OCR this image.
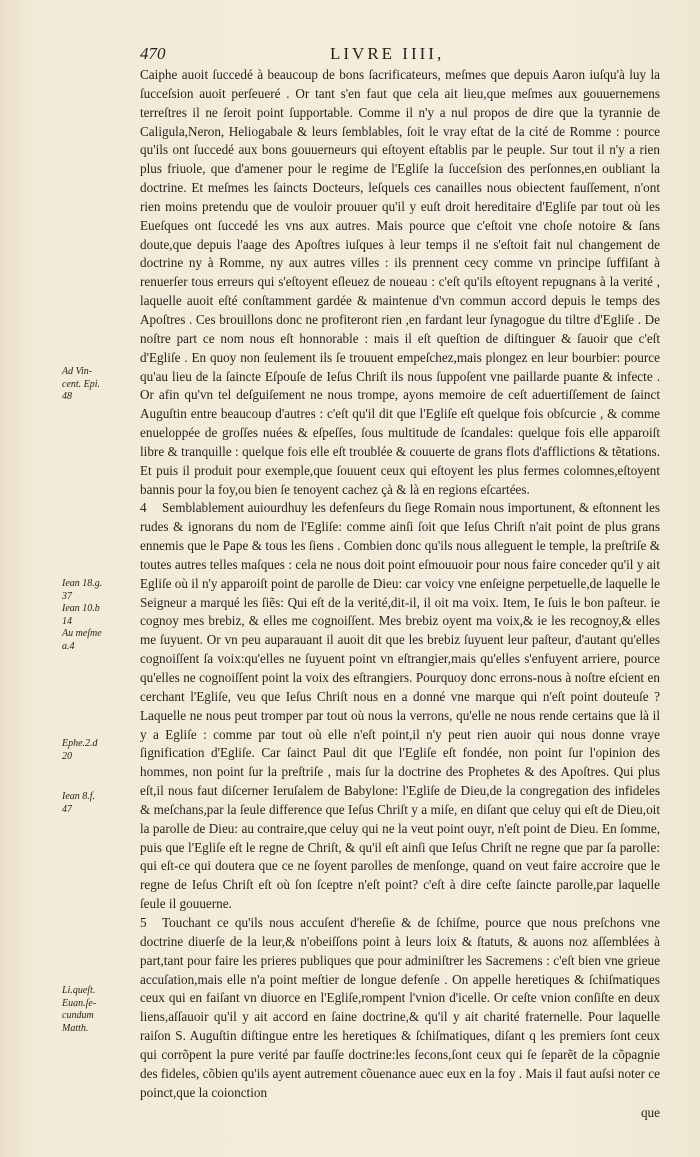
470	LIVRE IIII,

Caiphe auoit ſuccedé à beaucoup de bons ſacrificateurs, meſmes que depuis Aaron iuſqu'à luy la ſucceſsion auoit perſeueré . Or tant s'en faut que cela ait lieu,que meſmes aux gouuernemens terreſtres il ne ſeroit point ſupportable. Comme il n'y a nul propos de dire que la tyrannie de Caligula,Neron, Heliogabale & leurs ſemblables, ſoit le vray eſtat de la cité de Romme : pource qu'ils ont ſuccedé aux bons gouuerneurs qui eſtoyent eſtablis par le peuple. Sur tout il n'y a rien plus friuole, que d'amener pour le regime de l'Egliſe la ſucceſsion des perſonnes,en oubliant la doctrine. Et meſmes les ſaincts Docteurs, leſquels ces canailles nous obiectent fauſſement, n'ont rien moins pretendu que de vouloir prouuer qu'il y euſt droit hereditaire d'Egliſe par tout où les Eueſques ont ſuccedé les vns aux autres. Mais pource que c'eſtoit vne choſe notoire & ſans doute,que depuis l'aage des Apoſtres iuſques à leur temps il ne s'eſtoit fait nul changement de doctrine ny à Romme, ny aux autres villes : ils prennent cecy comme vn principe ſuffiſant à renuerſer tous erreurs qui s'eſtoyent eſleuez de noueau : c'eſt qu'ils eſtoyent repugnans à la verité , laquelle auoit eſté conſtamment gardée & maintenue d'vn commun accord depuis le temps des Apoſtres . Ces brouillons donc ne profiteront rien ,en fardant leur ſynagogue du tiltre d'Egliſe . De noſtre part ce nom nous eſt honnorable : mais il eſt queſtion de diſtinguer & ſauoir que c'eſt d'Egliſe . En quoy non ſeulement ils ſe trouuent empeſchez,mais plongez en leur bourbier: pource qu'au lieu de la ſaincte Eſpouſe de Ieſus Chriſt ils nous ſuppoſent vne paillarde puante & infecte . Or afin qu'vn tel deſguiſement ne nous trompe, ayons memoire de ceſt aduertiſſement de ſainct Auguſtin entre beaucoup d'autres : c'eſt qu'il dit que l'Egliſe eſt quelque fois obſcurcie , & comme enueloppée de groſſes nuées & eſpeſſes, ſous multitude de ſcandales: quelque fois elle apparoiſt libre & tranquille : quelque fois elle eſt troublée & couuerte de grans flots d'afflictions & tẽtations. Et puis il produit pour exemple,que ſouuent ceux qui eſtoyent les plus fermes colomnes,eſtoyent bannis pour la foy,ou bien ſe tenoyent cachez çà & là en regions eſcartées.

4 Semblablement auiourdhuy les defenſeurs du ſiege Romain nous importunent, & eſtonnent les rudes & ignorans du nom de l'Egliſe: comme ainſi ſoit que Ieſus Chriſt n'ait point de plus grans ennemis que le Pape & tous les ſiens . Combien donc qu'ils nous alleguent le temple, la preſtriſe & toutes autres telles maſques : cela ne nous doit point eſmouuoir pour nous faire conceder qu'il y ait Egliſe où il n'y apparoiſt point de parolle de Dieu: car voicy vne enſeigne perpetuelle,de laquelle le Seigneur a marqué les ſiẽs: Qui eſt de la verité,dit-il, il oit ma voix. Item, Ie ſuis le bon paſteur. ie cognoy mes brebiz, & elles me cognoiſſent. Mes brebiz oyent ma voix,& ie les recognoy,& elles me ſuyuent. Or vn peu auparauant il auoit dit que les brebiz ſuyuent leur paſteur, d'autant qu'elles cognoiſſent ſa voix:qu'elles ne ſuyuent point vn eſtrangier,mais qu'elles s'enfuyent arriere, pource qu'elles ne cognoiſſent point la voix des eſtrangiers. Pourquoy donc errons-nous à noſtre eſcient en cerchant l'Egliſe, veu que Ieſus Chriſt nous en a donné vne marque qui n'eſt point douteuſe ? Laquelle ne nous peut tromper par tout où nous la verrons, qu'elle ne nous rende certains que là il y a Egliſe : comme par tout où elle n'eſt point,il n'y peut rien auoir qui nous donne vraye ſignification d'Egliſe. Car ſainct Paul dit que l'Egliſe eſt fondée, non point ſur l'opinion des hommes, non point ſur la preſtriſe , mais ſur la doctrine des Prophetes & des Apoſtres. Qui plus eſt,il nous faut diſcerner Ieruſalem de Babylone: l'Egliſe de Dieu,de la congregation des infideles & meſchans,par la ſeule difference que Ieſus Chriſt y a miſe, en diſant que celuy qui eſt de Dieu,oit la parolle de Dieu: au contraire,que celuy qui ne la veut point ouyr, n'eſt point de Dieu. En ſomme, puis que l'Egliſe eſt le regne de Chriſt, & qu'il eſt ainſi que Ieſus Chriſt ne regne que par ſa parolle: qui eſt-ce qui doutera que ce ne ſoyent parolles de menſonge, quand on veut faire accroire que le regne de Ieſus Chriſt eſt où ſon ſceptre n'eſt point? c'eſt à dire ceſte ſaincte parolle,par laquelle ſeule il gouuerne.

5 Touchant ce qu'ils nous accuſent d'hereſie & de ſchiſme, pource que nous preſchons vne doctrine diuerſe de la leur,& n'obeiſſons point à leurs loix & ſtatuts, & auons noz aſſemblées à part,tant pour faire les prieres publiques que pour adminiſtrer les Sacremens : c'eſt bien vne grieue accuſation,mais elle n'a point meſtier de longue defenſe . On appelle heretiques & ſchiſmatiques ceux qui en faiſant vn diuorce en l'Egliſe,rompent l'vnion d'icelle. Or ceſte vnion conſiſte en deux liens,aſſauoir qu'il y ait accord en ſaine doctrine,& qu'il y ait charité fraternelle. Pour laquelle raiſon S. Auguſtin diſtingue entre les heretiques & ſchiſmatiques, diſant q les premiers ſont ceux qui corrõpent la pure verité par fauſſe doctrine:les ſecons,ſont ceux qui ſe ſeparẽt de la cõpagnie des fideles, cõbien qu'ils ayent autrement cõuenance auec eux en la foy . Mais il faut auſsi noter ce poinct,que la coionction

que
Ad Vin-
cent. Epi.
48
Iean 18.g.
37
Iean 10.b
14
Au meſme
a.4
Ephe.2.d
20
Iean 8.f.
47
Li.queſt.
Euan.ſe-
cundum
Matth.
